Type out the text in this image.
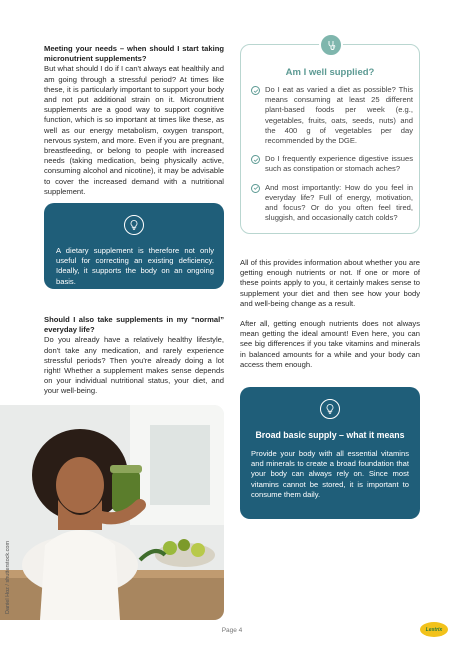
Meeting your needs – when should I start taking micronutrient supplements?

But what should I do if I can't always eat healthily and am going through a stressful period? At times like these, it is particularly important to support your body and not put additional strain on it. Micronutrient supplements are a good way to support cognitive function, which is so important at times like these, as well as our energy metabolism, oxygen transport, nervous system, and more. Even if you are pregnant, breastfeeding, or belong to people with increased needs (taking medication, being physically active, consuming alcohol and nicotine), it may be advisable to cover the increased demand with a nutritional supplement.

A dietary supplement is therefore not only useful for correcting an existing deficiency. Ideally, it supports the body on an ongoing basis.

Should I also take supplements in my “normal” everyday life?

Do you already have a relatively healthy lifestyle, don't take any medication, and rarely experience stressful periods? Then you're already doing a lot right! Whether a supplement makes sense depends on your individual nutritional status, your diet, and your well-being.

Daniel Hoz / shutterstock.com
Am I well supplied?
Do I eat as varied a diet as possible? This means consuming at least 25 different plant-based foods per week (e.g., vegetables, fruits, oats, seeds, nuts) and the 400 g of vegetables per day recommended by the DGE.
Do I frequently experience digestive issues such as constipation or stomach aches?
And most importantly: How do you feel in everyday life? Full of energy, motivation, and focus? Or do you often feel tired, sluggish, and occasionally catch colds?

All of this provides information about whether you are getting enough nutrients or not. If one or more of these points apply to you, it certainly makes sense to supplement your diet and then see how your body and well-being change as a result.

After all, getting enough nutrients does not always mean getting the ideal amount! Even here, you can see big differences if you take vitamins and minerals in balanced amounts for a while and your body can access them enough.

Broad basic supply – what it means

Provide your body with all essential vitamins and minerals to create a broad foundation that your body can always rely on. Since most vitamins cannot be stored, it is important to consume them daily.

Page 4	Lestrix
